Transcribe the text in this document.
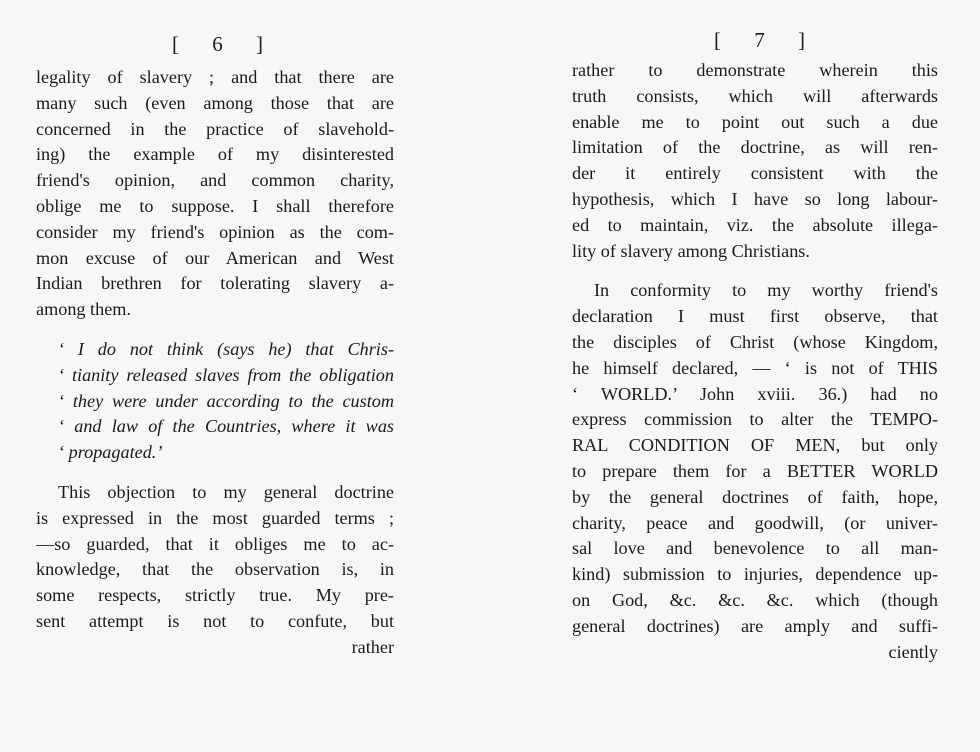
[ 6 ]
legality of slavery ; and that there are
many such (even among those that are
concerned in the practice of slavehold-
ing) the example of my disinterested
friend's opinion, and common charity,
oblige me to suppose. I shall therefore
consider my friend's opinion as the com-
mon excuse of our American and West
Indian brethren for tolerating slavery a-
among them.
‘ I do not think (says he) that Chris-
‘ tianity released slaves from the obligation
‘ they were under according to the custom
‘ and law of the Countries, where it was
‘ propagated.’
This objection to my general doctrine
is expressed in the most guarded terms ;
—so guarded, that it obliges me to ac-
knowledge, that the observation is, in
some respects, strictly true. My pre-
sent attempt is not to confute, but
rather
[ 7 ]
rather to demonstrate wherein this
truth consists, which will afterwards
enable me to point out such a due
limitation of the doctrine, as will ren-
der it entirely consistent with the
hypothesis, which I have so long labour-
ed to maintain, viz. the absolute illega-
lity of slavery among Christians.
In conformity to my worthy friend's
declaration I must first observe, that
the disciples of Christ (whose Kingdom,
he himself declared, — ‘ is not of THIS
‘ WORLD.’ John xviii. 36.) had no
express commission to alter the TEMPO-
RAL CONDITION OF MEN, but only
to prepare them for a BETTER WORLD
by the general doctrines of faith, hope,
charity, peace and goodwill, (or univer-
sal love and benevolence to all man-
kind) submission to injuries, dependence up-
on God, &c. &c. &c. which (though
general doctrines) are amply and suffi-
ciently
